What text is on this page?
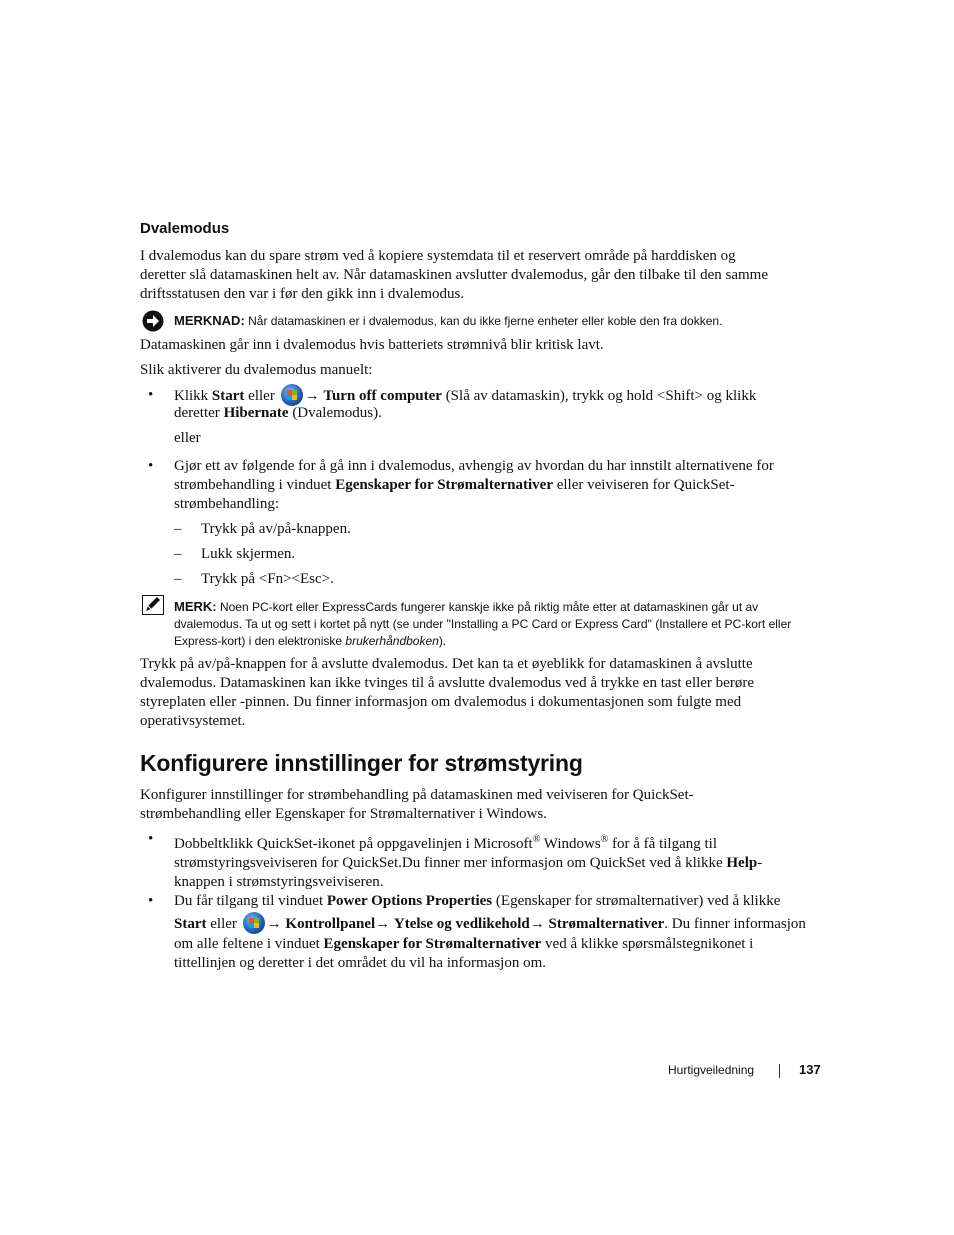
Dvalemodus
I dvalemodus kan du spare strøm ved å kopiere systemdata til et reservert område på harddisken og
deretter slå datamaskinen helt av. Når datamaskinen avslutter dvalemodus, går den tilbake til den samme
driftsstatusen den var i før den gikk inn i dvalemodus.
MERKNAD: Når datamaskinen er i dvalemodus, kan du ikke fjerne enheter eller koble den fra dokken.
Datamaskinen går inn i dvalemodus hvis batteriets strømnivå blir kritisk lavt.
Slik aktiverer du dvalemodus manuelt:
• Klikk Start eller → Turn off computer (Slå av datamaskin), trykk og hold <Shift> og klikk
deretter Hibernate (Dvalemodus).
eller
• Gjør ett av følgende for å gå inn i dvalemodus, avhengig av hvordan du har innstilt alternativene for
strømbehandling i vinduet Egenskaper for Strømalternativer eller veiviseren for QuickSet-
strømbehandling:
– Trykk på av/på-knappen.
– Lukk skjermen.
– Trykk på <Fn><Esc>.
MERK: Noen PC-kort eller ExpressCards fungerer kanskje ikke på riktig måte etter at datamaskinen går ut av
dvalemodus. Ta ut og sett i kortet på nytt (se under "Installing a PC Card or Express Card" (Installere et PC-kort eller
Express-kort) i den elektroniske brukerhåndboken).
Trykk på av/på-knappen for å avslutte dvalemodus. Det kan ta et øyeblikk for datamaskinen å avslutte
dvalemodus. Datamaskinen kan ikke tvinges til å avslutte dvalemodus ved å trykke en tast eller berøre
styreplaten eller -pinnen. Du finner informasjon om dvalemodus i dokumentasjonen som fulgte med
operativsystemet.
Konfigurere innstillinger for strømstyring
Konfigurer innstillinger for strømbehandling på datamaskinen med veiviseren for QuickSet-
strømbehandling eller Egenskaper for Strømalternativer i Windows.
• Dobbeltklikk QuickSet-ikonet på oppgavelinjen i Microsoft® Windows® for å få tilgang til
strømstyringsveiviseren for QuickSet.Du finner mer informasjon om QuickSet ved å klikke Help-
knappen i strømstyringsveiviseren.
• Du får tilgang til vinduet Power Options Properties (Egenskaper for strømalternativer) ved å klikke
Start eller → Kontrollpanel→ Ytelse og vedlikehold→ Strømalternativer. Du finner informasjon
om alle feltene i vinduet Egenskaper for Strømalternativer ved å klikke spørsmålstegnikonet i
tittellinjen og deretter i det området du vil ha informasjon om.
Hurtigveiledning	137
